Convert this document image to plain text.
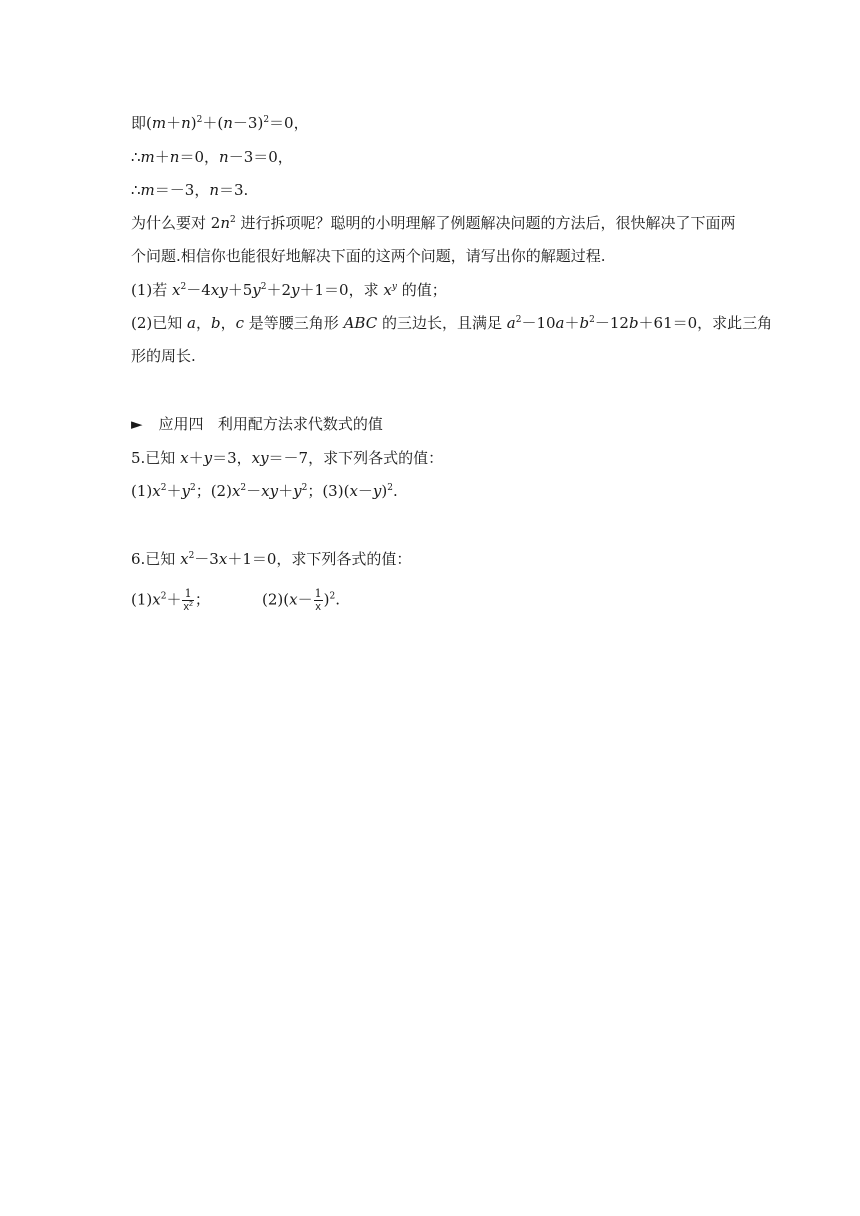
即$(m+n)^2+(n-3)^2=0$，
∴m＋n＝0，n－3＝0，
∴m＝－3，n＝3.
为什么要对 $2n^2$ 进行拆项呢？聪明的小明理解了例题解决问题的方法后，很快解决了下面两
个问题.相信你也能很好地解决下面的这两个问题，请写出你的解题过程.
(1)若 $x^2-4xy+5y^2+2y+1=0$，求 $x^y$ 的值；
(2)已知 a，b，c 是等腰三角形 ABC 的三边长，且满足 $a^2-10a+b^2-12b+61=0$，求此三角
形的周长.
►  应用四   利用配方法求代数式的值
5.已知 x＋y＝3，xy＝－7，求下列各式的值：
$(1)x^2+y^2$；$(2)x^2-xy+y^2$；$(3)(x-y)^2$.
6.已知 $x^2-3x+1=0$，求下列各式的值：
$(1)x^2+ \frac{1}{x^2}$ ；	$(2)(x- \frac{1}{x} )^2$.
